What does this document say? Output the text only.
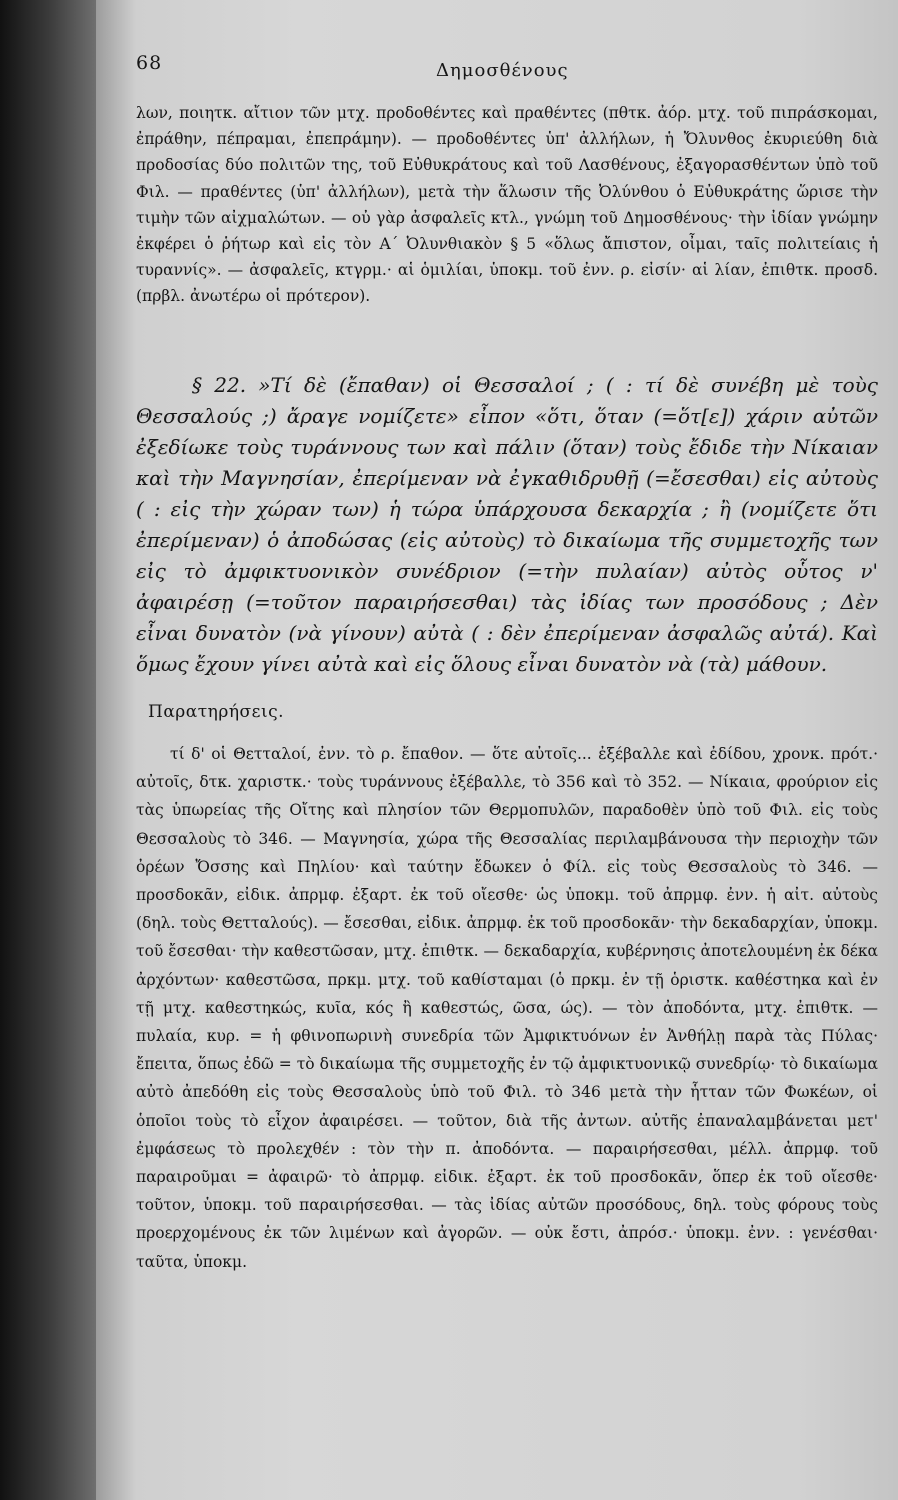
68	Δημοσθένους

λων, ποιητκ. αἴτιον τῶν μτχ. προδοθέντες καὶ πραθέντες (πθτκ. ἀόρ. μτχ. τοῦ πιπράσκομαι, ἐπράθην, πέπραμαι, ἐπεπράμην). — προδοθέντες ὑπ' ἀλλήλων, ἡ Ὄλυνθος ἐκυριεύθη διὰ προδοσίας δύο πολιτῶν της, τοῦ Εὐθυκράτους καὶ τοῦ Λασθένους, ἐξαγορασθέντων ὑπὸ τοῦ Φιλ. — πραθέντες (ὑπ' ἀλλήλων), μετὰ τὴν ἅλωσιν τῆς Ὀλύνθου ὁ Εὐθυκράτης ὥρισε τὴν τιμὴν τῶν αἰχμαλώτων. — οὐ γὰρ ἀσφαλεῖς κτλ., γνώμη τοῦ Δημοσθένους· τὴν ἰδίαν γνώμην ἐκφέρει ὁ ῥήτωρ καὶ εἰς τὸν Α΄ Ὀλυνθιακὸν § 5 «ὅλως ἄπιστον, οἶμαι, ταῖς πολιτείαις ἡ τυραννίς». — ἀσφαλεῖς, κτγρμ.· αἱ ὁμιλίαι, ὑποκμ. τοῦ ἐνν. ρ. εἰσίν· αἱ λίαν, ἐπιθτκ. προσδ. (πρβλ. ἀνωτέρω οἱ πρότερον).

§ 22. »Τί δὲ (ἔπαθαν) οἱ Θεσσαλοί ; ( : τί δὲ συνέβη μὲ τοὺς Θεσσαλούς ;) ἄραγε νομίζετε» εἶπον «ὅτι, ὅταν (=ὅτ[ε]) χάριν αὐτῶν ἐξεδίωκε τοὺς τυράννους των καὶ πάλιν (ὅταν) τοὺς ἔδιδε τὴν Νίκαιαν καὶ τὴν Μαγνησίαν, ἐπερίμεναν νὰ ἐγκαθιδρυθῇ (=ἔσεσθαι) εἰς αὐτοὺς ( : εἰς τὴν χώραν των) ἡ τώρα ὑπάρχουσα δεκαρχία ; ἢ (νομίζετε ὅτι ἐπερίμεναν) ὁ ἀποδώσας (εἰς αὐτοὺς) τὸ δικαίωμα τῆς συμμετοχῆς των εἰς τὸ ἀμφικτυονικὸν συνέδριον (=τὴν πυλαίαν) αὐτὸς οὗτος ν' ἀφαιρέσῃ (=τοῦτον παραιρήσεσθαι) τὰς ἰδίας των προσόδους ; Δὲν εἶναι δυνατὸν (νὰ γίνουν) αὐτὰ ( : δὲν ἐπερίμεναν ἀσφαλῶς αὐτά). Καὶ ὅμως ἔχουν γίνει αὐτὰ καὶ εἰς ὅλους εἶναι δυνατὸν νὰ (τὰ) μάθουν.

Παρατηρήσεις.

τί δ' οἱ Θετταλοί, ἐνν. τὸ ρ. ἔπαθον. — ὅτε αὐτοῖς... ἐξέβαλλε καὶ ἐδίδου, χρονκ. πρότ.· αὐτοῖς, δτκ. χαριστκ.· τοὺς τυράννους ἐξέβαλλε, τὸ 356 καὶ τὸ 352. — Νίκαια, φρούριον εἰς τὰς ὑπωρείας τῆς Οἴτης καὶ πλησίον τῶν Θερμοπυλῶν, παραδοθὲν ὑπὸ τοῦ Φιλ. εἰς τοὺς Θεσσαλοὺς τὸ 346. — Μαγνησία, χώρα τῆς Θεσσαλίας περιλαμβάνουσα τὴν περιοχὴν τῶν ὀρέων Ὄσσης καὶ Πηλίου· καὶ ταύτην ἔδωκεν ὁ Φίλ. εἰς τοὺς Θεσσαλοὺς τὸ 346. — προσδοκᾶν, εἰδικ. ἀπρμφ. ἐξαρτ. ἐκ τοῦ οἴεσθε· ὡς ὑποκμ. τοῦ ἀπρμφ. ἐνν. ἡ αἰτ. αὐτοὺς (δηλ. τοὺς Θετταλούς). — ἔσεσθαι, εἰδικ. ἀπρμφ. ἐκ τοῦ προσδοκᾶν· τὴν δεκαδαρχίαν, ὑποκμ. τοῦ ἔσεσθαι· τὴν καθεστῶσαν, μτχ. ἐπιθτκ. — δεκαδαρχία, κυβέρνησις ἀποτελουμένη ἐκ δέκα ἀρχόντων· καθεστῶσα, πρκμ. μτχ. τοῦ καθίσταμαι (ὁ πρκμ. ἐν τῇ ὁριστκ. καθέστηκα καὶ ἐν τῇ μτχ. καθεστηκώς, κυῖα, κός ἢ καθεστώς, ῶσα, ώς). — τὸν ἀποδόντα, μτχ. ἐπιθτκ. — πυλαία, κυρ. = ἡ φθινοπωρινὴ συνεδρία τῶν Ἀμφικτυόνων ἐν Ἀνθήλῃ παρὰ τὰς Πύλας· ἔπειτα, ὅπως ἐδῶ = τὸ δικαίωμα τῆς συμμετοχῆς ἐν τῷ ἀμφικτυονικῷ συνεδρίῳ· τὸ δικαίωμα αὐτὸ ἀπεδόθη εἰς τοὺς Θεσσαλοὺς ὑπὸ τοῦ Φιλ. τὸ 346 μετὰ τὴν ἧτταν τῶν Φωκέων, οἱ ὁποῖοι τοὺς τὸ εἶχον ἀφαιρέσει. — τοῦτον, διὰ τῆς ἀντων. αὐτῆς ἐπαναλαμβάνεται μετ' ἐμφάσεως τὸ προλεχθέν : τὸν τὴν π. ἀποδόντα. — παραιρήσεσθαι, μέλλ. ἀπρμφ. τοῦ παραιροῦμαι = ἀφαιρῶ· τὸ ἀπρμφ. εἰδικ. ἐξαρτ. ἐκ τοῦ προσδοκᾶν, ὅπερ ἐκ τοῦ οἴεσθε· τοῦτον, ὑποκμ. τοῦ παραιρήσεσθαι. — τὰς ἰδίας αὐτῶν προσόδους, δηλ. τοὺς φόρους τοὺς προερχομένους ἐκ τῶν λιμένων καὶ ἀγορῶν. — οὐκ ἔστι, ἀπρόσ.· ὑποκμ. ἐνν. : γενέσθαι· ταῦτα, ὑποκμ.
